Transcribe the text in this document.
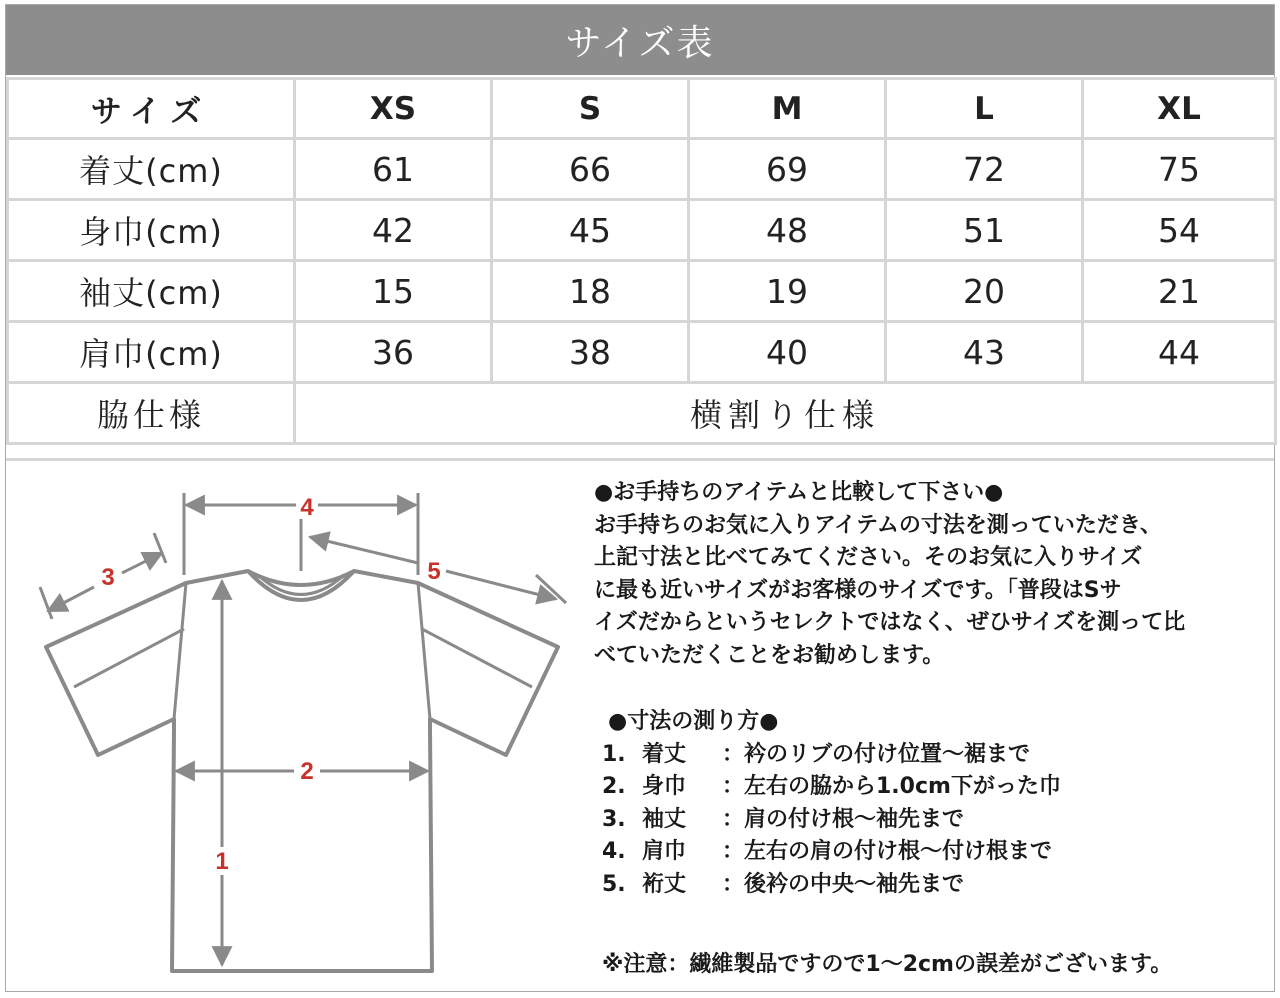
サイズ表
サイズ	XS	S	M	L	XL
着丈(cm)	61	66	69	72	75
身巾(cm)	42	45	48	51	54
袖丈(cm)	15	18	19	20	21
肩巾(cm)	36	38	40	43	44
脇仕様	横割り仕様				
1
2
3
4
5

●お手持ちのアイテムと比較して下さい●

お手持ちのお気に入りアイテムの寸法を測っていただき、

上記寸法と比べてみてください。そのお気に入りサイズ

に最も近いサイズがお客様のサイズです。「普段はSサ

イズだからというセレクトではなく、ぜひサイズを測って比

べていただくことをお勧めします。

●寸法の測り方●

1. 着丈	：衿のリブの付け位置～裾まで
2. 身巾	：左右の脇から1.0cm下がった巾
3. 袖丈	：肩の付け根～袖先まで
4. 肩巾	：左右の肩の付け根～付け根まで
5. 裄丈	：後衿の中央～袖先まで

※注意：繊維製品ですので1～2cmの誤差がございます。
